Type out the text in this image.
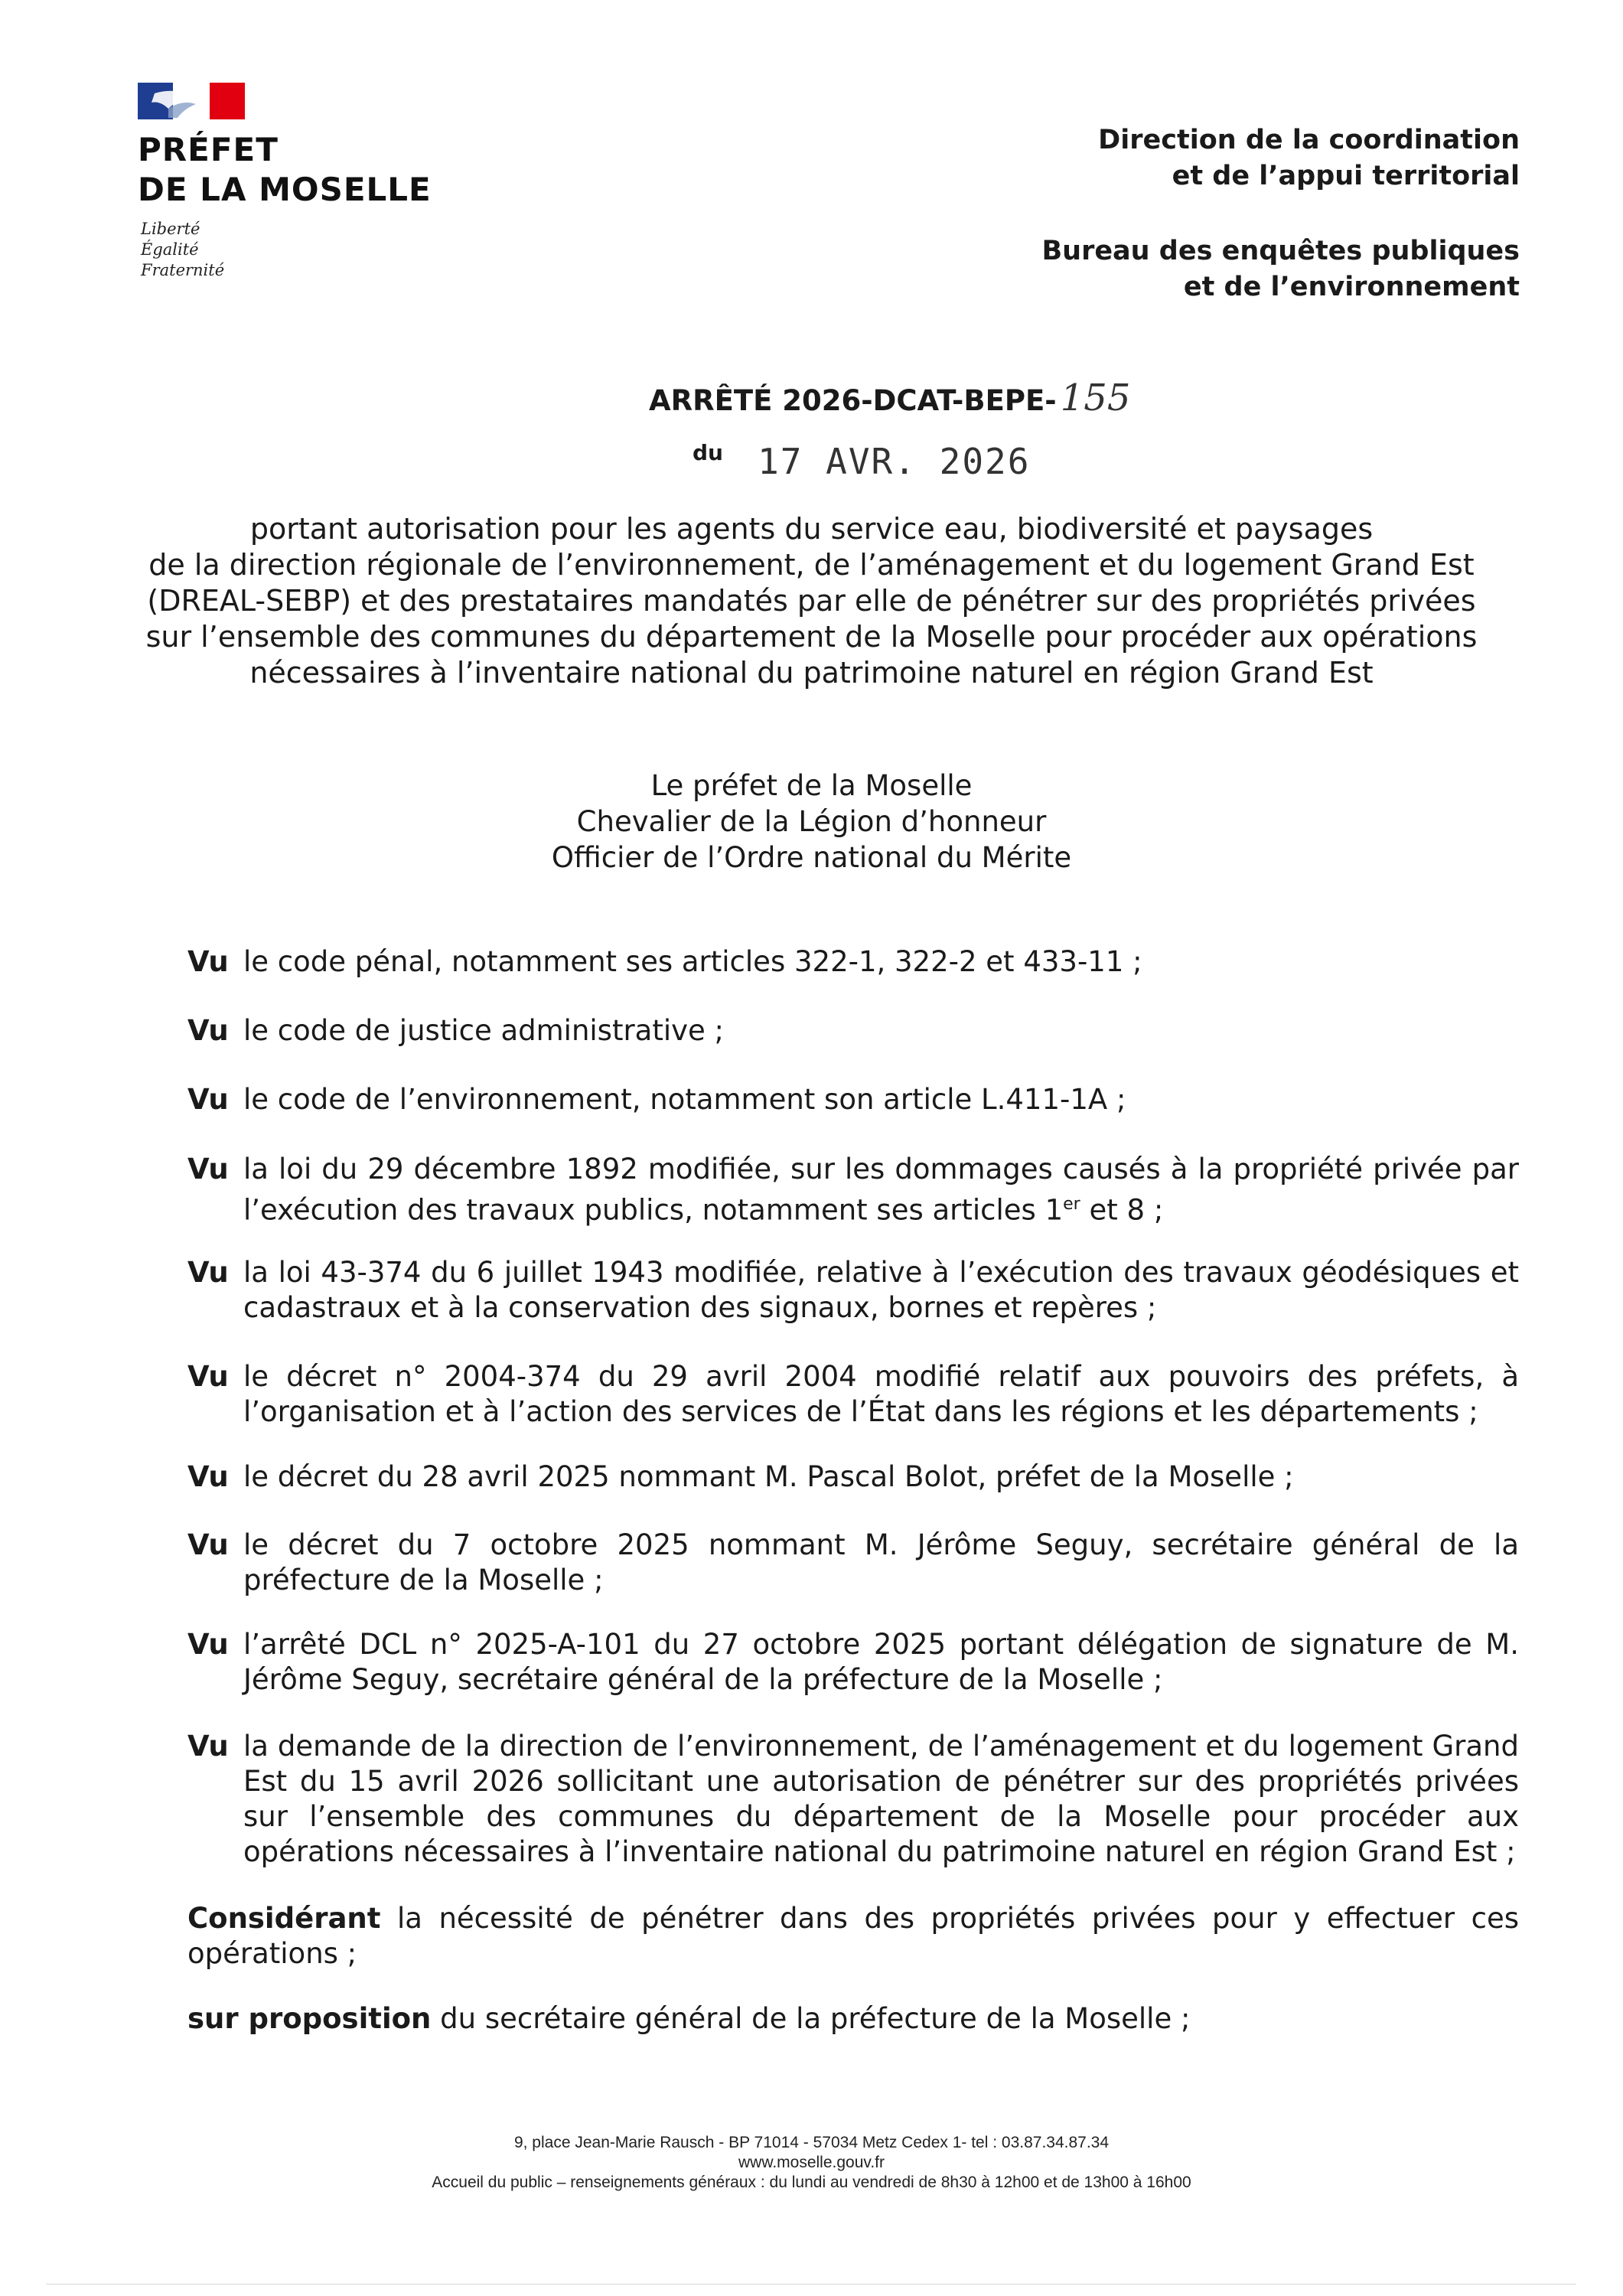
PRÉFET
DE LA MOSELLE
Liberté
Égalité
Fraternité
Direction de la coordination
et de l’appui territorial
Bureau des enquêtes publiques
et de l’environnement
ARRÊTÉ 2026-DCAT-BEPE- 155
du 17 AVR. 2026
portant autorisation pour les agents du service eau, biodiversité et paysages
de la direction régionale de l’environnement, de l’aménagement et du logement Grand Est
(DREAL-SEBP) et des prestataires mandatés par elle de pénétrer sur des propriétés privées
sur l’ensemble des communes du département de la Moselle pour procéder aux opérations
nécessaires à l’inventaire national du patrimoine naturel en région Grand Est
Le préfet de la Moselle
Chevalier de la Légion d’honneur
Officier de l’Ordre national du Mérite
Vu le code pénal, notamment ses articles 322-1, 322-2 et 433-11 ;
Vu le code de justice administrative ;
Vu le code de l’environnement, notamment son article L.411-1A ;
Vu la loi du 29 décembre 1892 modifiée, sur les dommages causés à la propriété privée par l’exécution des travaux publics, notamment ses articles 1er et 8 ;
Vu la loi 43-374 du 6 juillet 1943 modifiée, relative à l’exécution des travaux géodésiques et cadastraux et à la conservation des signaux, bornes et repères ;
Vu le décret n° 2004-374 du 29 avril 2004 modifié relatif aux pouvoirs des préfets, à l’organisation et à l’action des services de l’État dans les régions et les départements ;
Vu le décret du 28 avril 2025 nommant M. Pascal Bolot, préfet de la Moselle ;
Vu le décret du 7 octobre 2025 nommant M. Jérôme Seguy, secrétaire général de la préfecture de la Moselle ;
Vu l’arrêté DCL n° 2025-A-101 du 27 octobre 2025 portant délégation de signature de M. Jérôme Seguy, secrétaire général de la préfecture de la Moselle ;
Vu la demande de la direction de l’environnement, de l’aménagement et du logement Grand Est du 15 avril 2026 sollicitant une autorisation de pénétrer sur des propriétés privées sur l’ensemble des communes du département de la Moselle pour procéder aux opérations nécessaires à l’inventaire national du patrimoine naturel en région Grand Est ;
Considérant la nécessité de pénétrer dans des propriétés privées pour y effectuer ces opérations ;
sur proposition du secrétaire général de la préfecture de la Moselle ;
9, place Jean-Marie Rausch - BP 71014 - 57034 Metz Cedex 1- tel : 03.87.34.87.34
www.moselle.gouv.fr
Accueil du public – renseignements généraux : du lundi au vendredi de 8h30 à 12h00 et de 13h00 à 16h00
